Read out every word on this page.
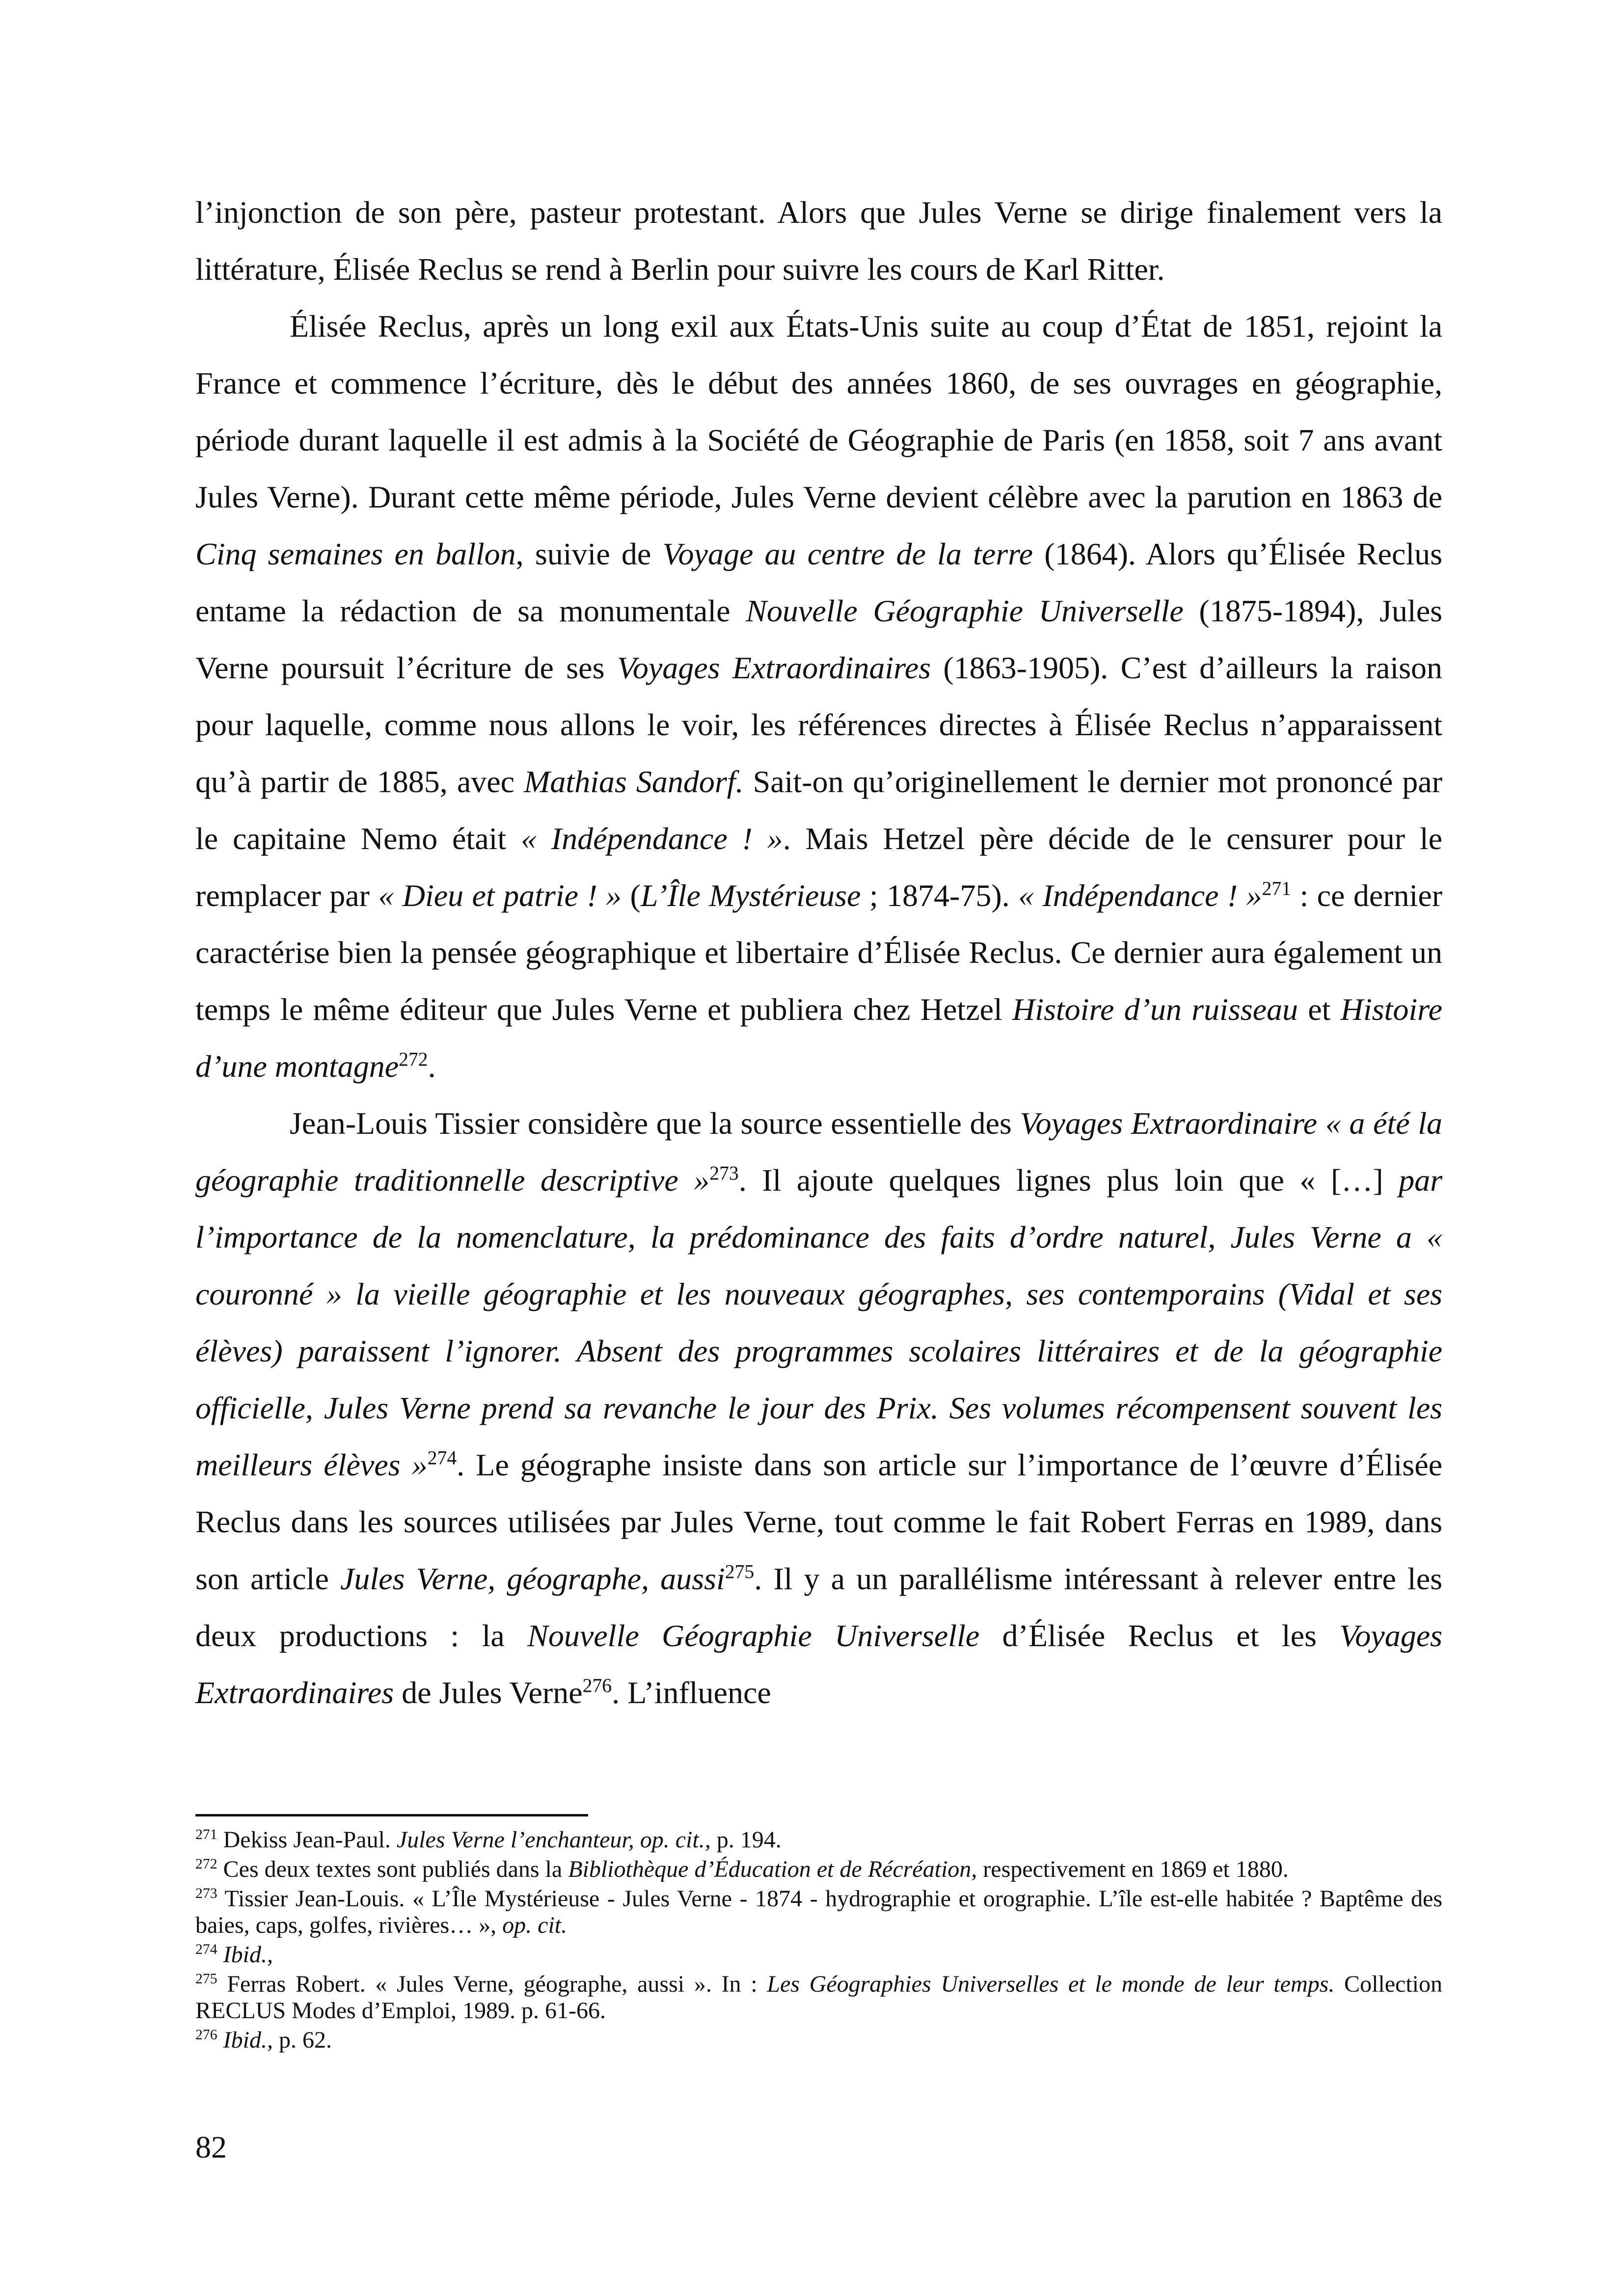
l’injonction de son père, pasteur protestant. Alors que Jules Verne se dirige finalement vers la littérature, Élisée Reclus se rend à Berlin pour suivre les cours de Karl Ritter.

Élisée Reclus, après un long exil aux États-Unis suite au coup d’État de 1851, rejoint la France et commence l’écriture, dès le début des années 1860, de ses ouvrages en géographie, période durant laquelle il est admis à la Société de Géographie de Paris (en 1858, soit 7 ans avant Jules Verne). Durant cette même période, Jules Verne devient célèbre avec la parution en 1863 de Cinq semaines en ballon, suivie de Voyage au centre de la terre (1864). Alors qu’Élisée Reclus entame la rédaction de sa monumentale Nouvelle Géographie Universelle (1875-1894), Jules Verne poursuit l’écriture de ses Voyages Extraordinaires (1863-1905). C’est d’ailleurs la raison pour laquelle, comme nous allons le voir, les références directes à Élisée Reclus n’apparaissent qu’à partir de 1885, avec Mathias Sandorf. Sait-on qu’originellement le dernier mot prononcé par le capitaine Nemo était « Indépendance ! ». Mais Hetzel père décide de le censurer pour le remplacer par « Dieu et patrie ! » (L’Île Mystérieuse ; 1874-75). « Indépendance ! »$^{271}$ : ce dernier caractérise bien la pensée géographique et libertaire d’Élisée Reclus. Ce dernier aura également un temps le même éditeur que Jules Verne et publiera chez Hetzel Histoire d’un ruisseau et Histoire d’une montagne$^{272}$.

Jean-Louis Tissier considère que la source essentielle des Voyages Extraordinaire « a été la géographie traditionnelle descriptive »$^{273}$. Il ajoute quelques lignes plus loin que « […] par l’importance de la nomenclature, la prédominance des faits d’ordre naturel, Jules Verne a « couronné » la vieille géographie et les nouveaux géographes, ses contemporains (Vidal et ses élèves) paraissent l’ignorer. Absent des programmes scolaires littéraires et de la géographie officielle, Jules Verne prend sa revanche le jour des Prix. Ses volumes récompensent souvent les meilleurs élèves »$^{274}$. Le géographe insiste dans son article sur l’importance de l’œuvre d’Élisée Reclus dans les sources utilisées par Jules Verne, tout comme le fait Robert Ferras en 1989, dans son article Jules Verne, géographe, aussi$^{275}$. Il y a un parallélisme intéressant à relever entre les deux productions : la Nouvelle Géographie Universelle d’Élisée Reclus et les Voyages Extraordinaires de Jules Verne$^{276}$. L’influence

$^{271}$ Dekiss Jean-Paul. Jules Verne l’enchanteur, op. cit., p. 194.

$^{272}$ Ces deux textes sont publiés dans la Bibliothèque d’Éducation et de Récréation, respectivement en 1869 et 1880.

$^{273}$ Tissier Jean-Louis. « L’Île Mystérieuse - Jules Verne - 1874 - hydrographie et orographie. L’île est-elle habitée ? Baptême des baies, caps, golfes, rivières… », op. cit.

$^{274}$ Ibid.,

$^{275}$ Ferras Robert. « Jules Verne, géographe, aussi ». In : Les Géographies Universelles et le monde de leur temps. Collection RECLUS Modes d’Emploi, 1989. p. 61-66.

$^{276}$ Ibid., p. 62.

82
